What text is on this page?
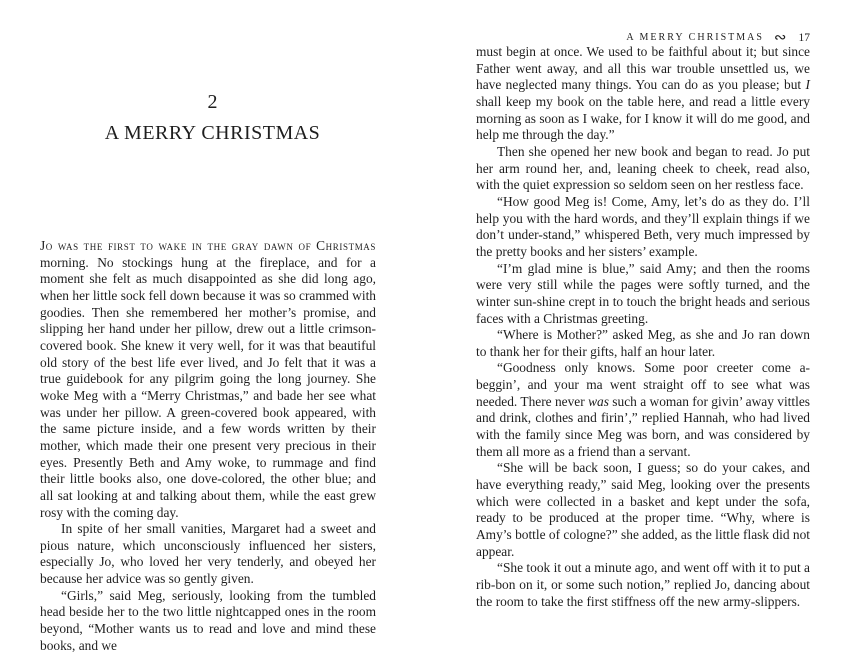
2
A MERRY CHRISTMAS

Jo was the first to wake in the gray dawn of Christmas morning. No stockings hung at the fireplace, and for a moment she felt as much disappointed as she did long ago, when her little sock fell down because it was so crammed with goodies. Then she remembered her mother’s promise, and slipping her hand under her pillow, drew out a little crimson-covered book. She knew it very well, for it was that beautiful old story of the best life ever lived, and Jo felt that it was a true guidebook for any pilgrim going the long journey. She woke Meg with a “Merry Christmas,” and bade her see what was under her pillow. A green-covered book appeared, with the same picture inside, and a few words written by their mother, which made their one present very precious in their eyes. Presently Beth and Amy woke, to rummage and find their little books also, one dove-colored, the other blue; and all sat looking at and talking about them, while the east grew rosy with the coming day.

In spite of her small vanities, Margaret had a sweet and pious nature, which unconsciously influenced her sisters, especially Jo, who loved her very tenderly, and obeyed her because her advice was so gently given.

“Girls,” said Meg, seriously, looking from the tumbled head beside her to the two little nightcapped ones in the room beyond, “Mother wants us to read and love and mind these books, and we

A MERRY CHRISTMAS ∾ 17

must begin at once. We used to be faithful about it; but since Father went away, and all this war trouble unsettled us, we have neglected many things. You can do as you please; but I shall keep my book on the table here, and read a little every morning as soon as I wake, for I know it will do me good, and help me through the day.”

Then she opened her new book and began to read. Jo put her arm round her, and, leaning cheek to cheek, read also, with the quiet expression so seldom seen on her restless face.

“How good Meg is! Come, Amy, let’s do as they do. I’ll help you with the hard words, and they’ll explain things if we don’t under-stand,” whispered Beth, very much impressed by the pretty books and her sisters’ example.

“I’m glad mine is blue,” said Amy; and then the rooms were very still while the pages were softly turned, and the winter sun-shine crept in to touch the bright heads and serious faces with a Christmas greeting.

“Where is Mother?” asked Meg, as she and Jo ran down to thank her for their gifts, half an hour later.

“Goodness only knows. Some poor creeter come a-beggin’, and your ma went straight off to see what was needed. There never was such a woman for givin’ away vittles and drink, clothes and firin’,” replied Hannah, who had lived with the family since Meg was born, and was considered by them all more as a friend than a servant.

“She will be back soon, I guess; so do your cakes, and have everything ready,” said Meg, looking over the presents which were collected in a basket and kept under the sofa, ready to be produced at the proper time. “Why, where is Amy’s bottle of cologne?” she added, as the little flask did not appear.

“She took it out a minute ago, and went off with it to put a rib-bon on it, or some such notion,” replied Jo, dancing about the room to take the first stiffness off the new army-slippers.
